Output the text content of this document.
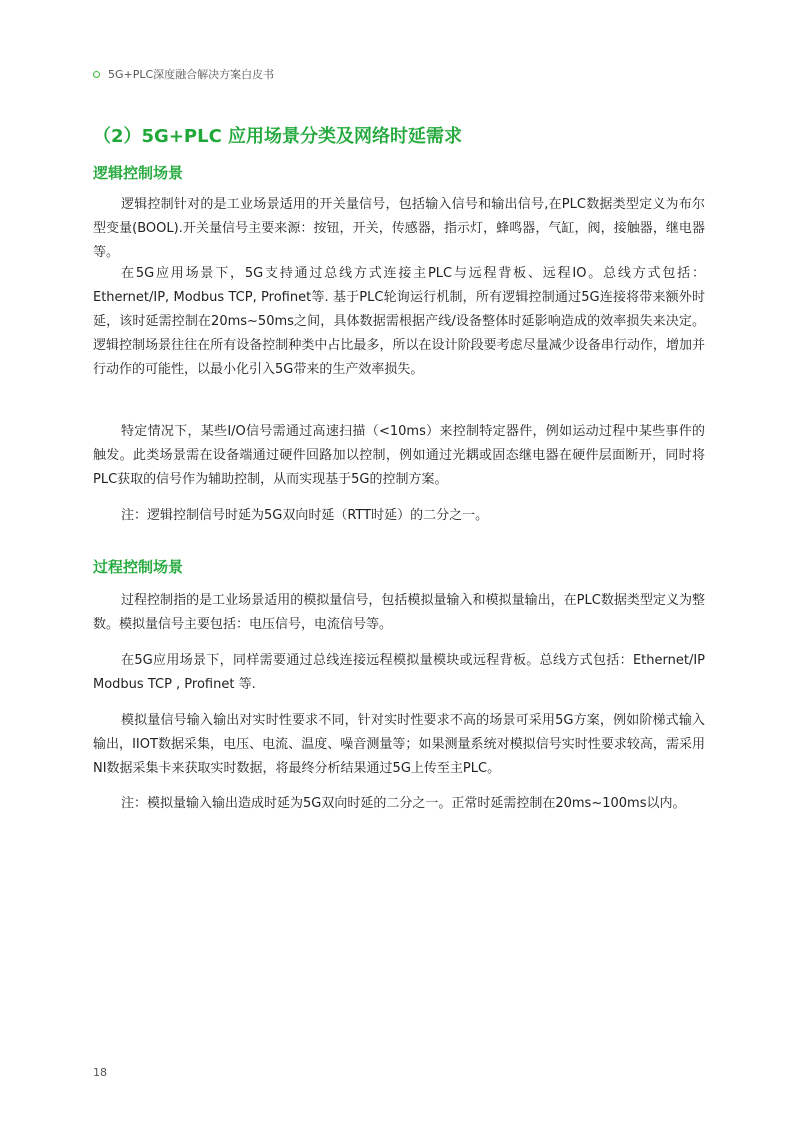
5G+PLC深度融合解决方案白皮书
（2）5G+PLC 应用场景分类及网络时延需求
逻辑控制场景

逻辑控制针对的是工业场景适用的开关量信号，包括输入信号和输出信号,在PLC数据类型定义为布尔型变量(BOOL).开关量信号主要来源：按钮，开关，传感器，指示灯，蜂鸣器，气缸，阀，接触器，继电器等。

在5G应用场景下，5G支持通过总线方式连接主PLC与远程背板、远程IO。总线方式包括：Ethernet/IP, Modbus TCP, Profinet等. 基于PLC轮询运行机制，所有逻辑控制通过5G连接将带来额外时延，该时延需控制在20ms~50ms之间，具体数据需根据产线/设备整体时延影响造成的效率损失来决定。逻辑控制场景往往在所有设备控制种类中占比最多，所以在设计阶段要考虑尽量减少设备串行动作，增加并行动作的可能性，以最小化引入5G带来的生产效率损失。

特定情况下，某些I/O信号需通过高速扫描（<10ms）来控制特定器件，例如运动过程中某些事件的触发。此类场景需在设备端通过硬件回路加以控制，例如通过光耦或固态继电器在硬件层面断开，同时将PLC获取的信号作为辅助控制，从而实现基于5G的控制方案。

注：逻辑控制信号时延为5G双向时延（RTT时延）的二分之一。

过程控制场景

过程控制指的是工业场景适用的模拟量信号，包括模拟量输入和模拟量输出，在PLC数据类型定义为整数。模拟量信号主要包括：电压信号，电流信号等。

在5G应用场景下，同样需要通过总线连接远程模拟量模块或远程背板。总线方式包括：Ethernet/IP Modbus TCP , Profinet 等.

模拟量信号输入输出对实时性要求不同，针对实时性要求不高的场景可采用5G方案，例如阶梯式输入输出，IIOT数据采集，电压、电流、温度、噪音测量等；如果测量系统对模拟信号实时性要求较高，需采用NI数据采集卡来获取实时数据，将最终分析结果通过5G上传至主PLC。

注：模拟量输入输出造成时延为5G双向时延的二分之一。正常时延需控制在20ms~100ms以内。

18
